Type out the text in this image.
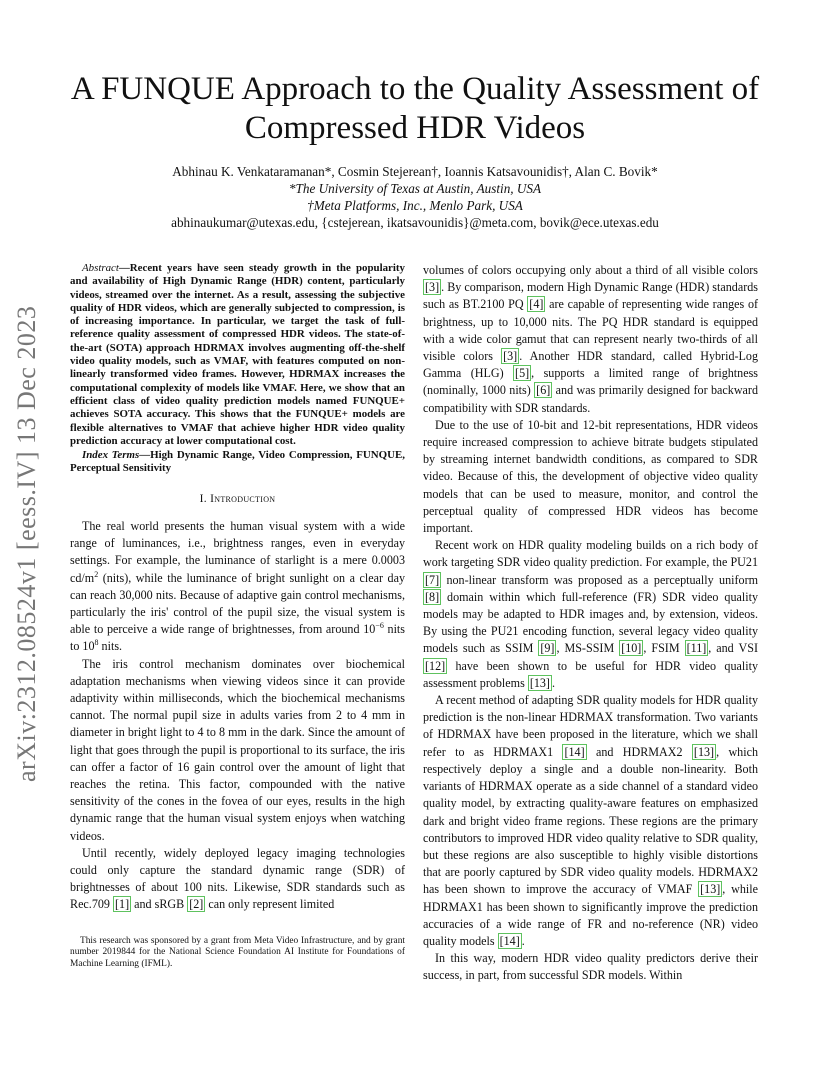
arXiv:2312.08524v1 [eess.IV] 13 Dec 2023
A FUNQUE Approach to the Quality Assessment of Compressed HDR Videos
Abhinau K. Venkataramanan*, Cosmin Stejerean†, Ioannis Katsavounidis†, Alan C. Bovik*
*The University of Texas at Austin, Austin, USA
†Meta Platforms, Inc., Menlo Park, USA
abhinaukumar@utexas.edu, {cstejerean, ikatsavounidis}@meta.com, bovik@ece.utexas.edu

Abstract—Recent years have seen steady growth in the popularity and availability of High Dynamic Range (HDR) content, particularly videos, streamed over the internet. As a result, assessing the subjective quality of HDR videos, which are generally subjected to compression, is of increasing importance. In particular, we target the task of full-reference quality assessment of compressed HDR videos. The state-of-the-art (SOTA) approach HDRMAX involves augmenting off-the-shelf video quality models, such as VMAF, with features computed on non-linearly transformed video frames. However, HDRMAX increases the computational complexity of models like VMAF. Here, we show that an efficient class of video quality prediction models named FUNQUE+ achieves SOTA accuracy. This shows that the FUNQUE+ models are flexible alternatives to VMAF that achieve higher HDR video quality prediction accuracy at lower computational cost.

Index Terms—High Dynamic Range, Video Compression, FUNQUE, Perceptual Sensitivity

I. Introduction

The real world presents the human visual system with a wide range of luminances, i.e., brightness ranges, even in everyday settings. For example, the luminance of starlight is a mere 0.0003 $cd/m^2$ (nits), while the luminance of bright sunlight on a clear day can reach 30,000 nits. Because of adaptive gain control mechanisms, particularly the iris' control of the pupil size, the visual system is able to perceive a wide range of brightnesses, from around $10^{-6}$ nits to $10^8$ nits.

The iris control mechanism dominates over biochemical adaptation mechanisms when viewing videos since it can provide adaptivity within milliseconds, which the biochemical mechanisms cannot. The normal pupil size in adults varies from 2 to 4 mm in diameter in bright light to 4 to 8 mm in the dark. Since the amount of light that goes through the pupil is proportional to its surface, the iris can offer a factor of 16 gain control over the amount of light that reaches the retina. This factor, compounded with the native sensitivity of the cones in the fovea of our eyes, results in the high dynamic range that the human visual system enjoys when watching videos.

Until recently, widely deployed legacy imaging technologies could only capture the standard dynamic range (SDR) of brightnesses of about 100 nits. Likewise, SDR standards such as Rec.709 [1] and sRGB [2] can only represent limited

This research was sponsored by a grant from Meta Video Infrastructure, and by grant number 2019844 for the National Science Foundation AI Institute for Foundations of Machine Learning (IFML).

volumes of colors occupying only about a third of all visible colors [3] . By comparison, modern High Dynamic Range (HDR) standards such as BT.2100 PQ [4] are capable of representing wide ranges of brightness, up to 10,000 nits. The PQ HDR standard is equipped with a wide color gamut that can represent nearly two-thirds of all visible colors [3] . Another HDR standard, called Hybrid-Log Gamma (HLG) [5] , supports a limited range of brightness (nominally, 1000 nits) [6] and was primarily designed for backward compatibility with SDR standards.

Due to the use of 10-bit and 12-bit representations, HDR videos require increased compression to achieve bitrate budgets stipulated by streaming internet bandwidth conditions, as compared to SDR video. Because of this, the development of objective video quality models that can be used to measure, monitor, and control the perceptual quality of compressed HDR videos has become important.

Recent work on HDR quality modeling builds on a rich body of work targeting SDR video quality prediction. For example, the PU21 [7] non-linear transform was proposed as a perceptually uniform [8] domain within which full-reference (FR) SDR video quality models may be adapted to HDR images and, by extension, videos. By using the PU21 encoding function, several legacy video quality models such as SSIM [9] , MS-SSIM [10] , FSIM [11] , and VSI [12] have been shown to be useful for HDR video quality assessment problems [13] .

A recent method of adapting SDR quality models for HDR quality prediction is the non-linear HDRMAX transformation. Two variants of HDRMAX have been proposed in the literature, which we shall refer to as HDRMAX1 [14] and HDRMAX2 [13] , which respectively deploy a single and a double non-linearity. Both variants of HDRMAX operate as a side channel of a standard video quality model, by extracting quality-aware features on emphasized dark and bright video frame regions. These regions are the primary contributors to improved HDR video quality relative to SDR quality, but these regions are also susceptible to highly visible distortions that are poorly captured by SDR video quality models. HDRMAX2 has been shown to improve the accuracy of VMAF [13] , while HDRMAX1 has been shown to significantly improve the prediction accuracies of a wide range of FR and no-reference (NR) video quality models [14] .

In this way, modern HDR video quality predictors derive their success, in part, from successful SDR models. Within
